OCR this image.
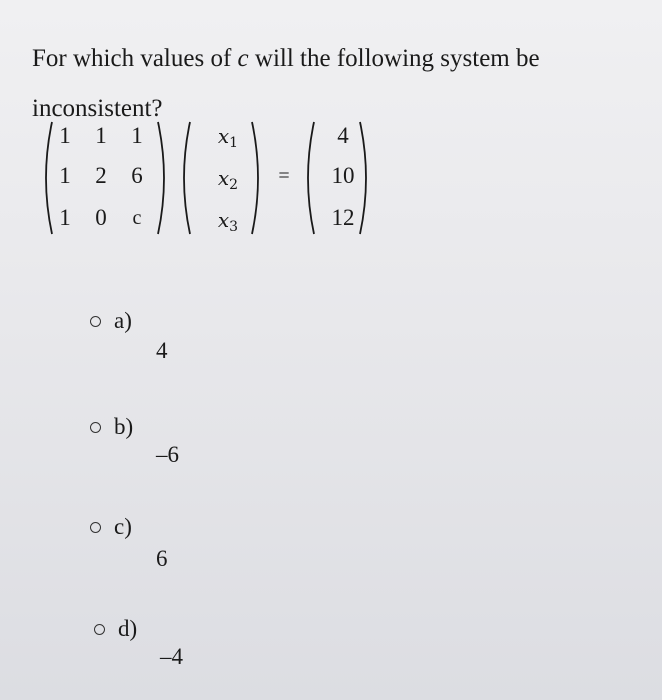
For which values of c will the following system be inconsistent?
1	1	1
1	2	6
1	0	c
$x_1$
$x_2$
$x_3$
=
4
10
12
a)
4
b)
–6
c)
6
d)
–4
